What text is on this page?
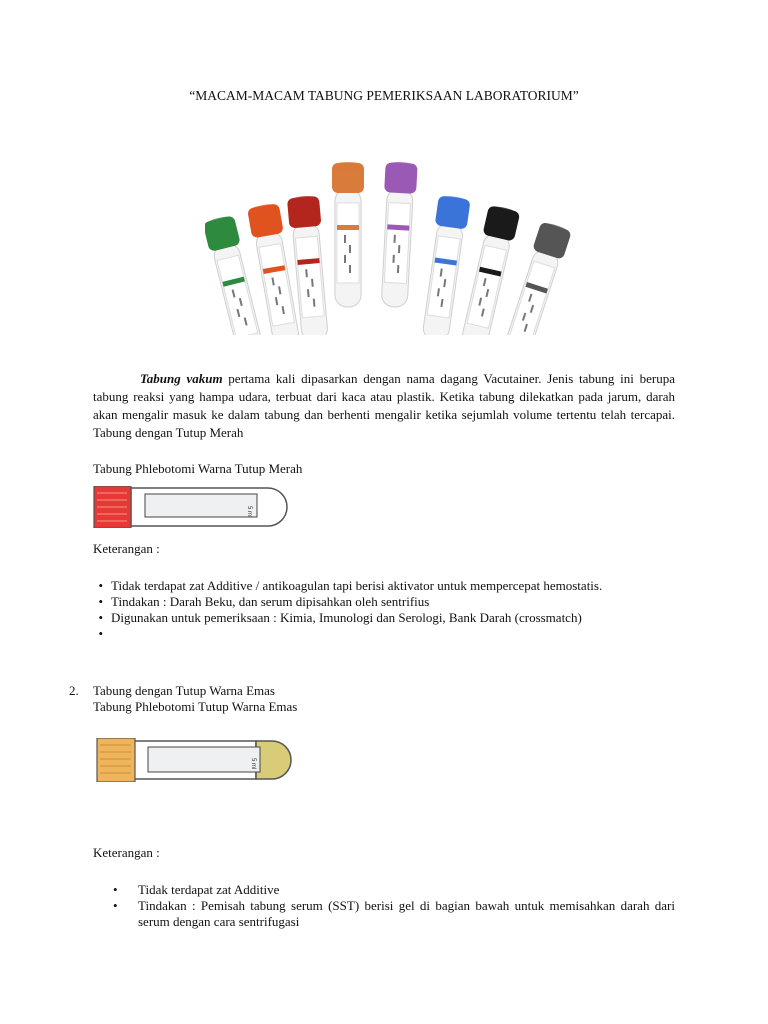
“MACAM-MACAM TABUNG PEMERIKSAAN LABORATORIUM”
Tabung vakum pertama kali dipasarkan dengan nama dagang Vacutainer. Jenis tabung ini berupa tabung reaksi yang hampa udara, terbuat dari kaca atau plastik. Ketika tabung dilekatkan pada jarum, darah akan mengalir masuk ke dalam tabung dan berhenti mengalir ketika sejumlah volume tertentu telah tercapai. Tabung dengan Tutup Merah
Tabung Phlebotomi Warna Tutup Merah
5 ml
Keterangan :
• Tidak terdapat zat Additive / antikoagulan tapi berisi aktivator untuk mempercepat hemostatis.
• Tindakan : Darah Beku, dan serum dipisahkan oleh sentrifius
• Digunakan untuk pemeriksaan : Kimia, Imunologi dan Serologi, Bank Darah (crossmatch)
•
2. Tabung dengan Tutup Warna Emas
Tabung Phlebotomi Tutup Warna Emas
5 ml
Keterangan :
• Tidak terdapat zat Additive
• Tindakan : Pemisah tabung serum (SST) berisi gel di bagian bawah untuk memisahkan darah dari serum dengan cara sentrifugasi
